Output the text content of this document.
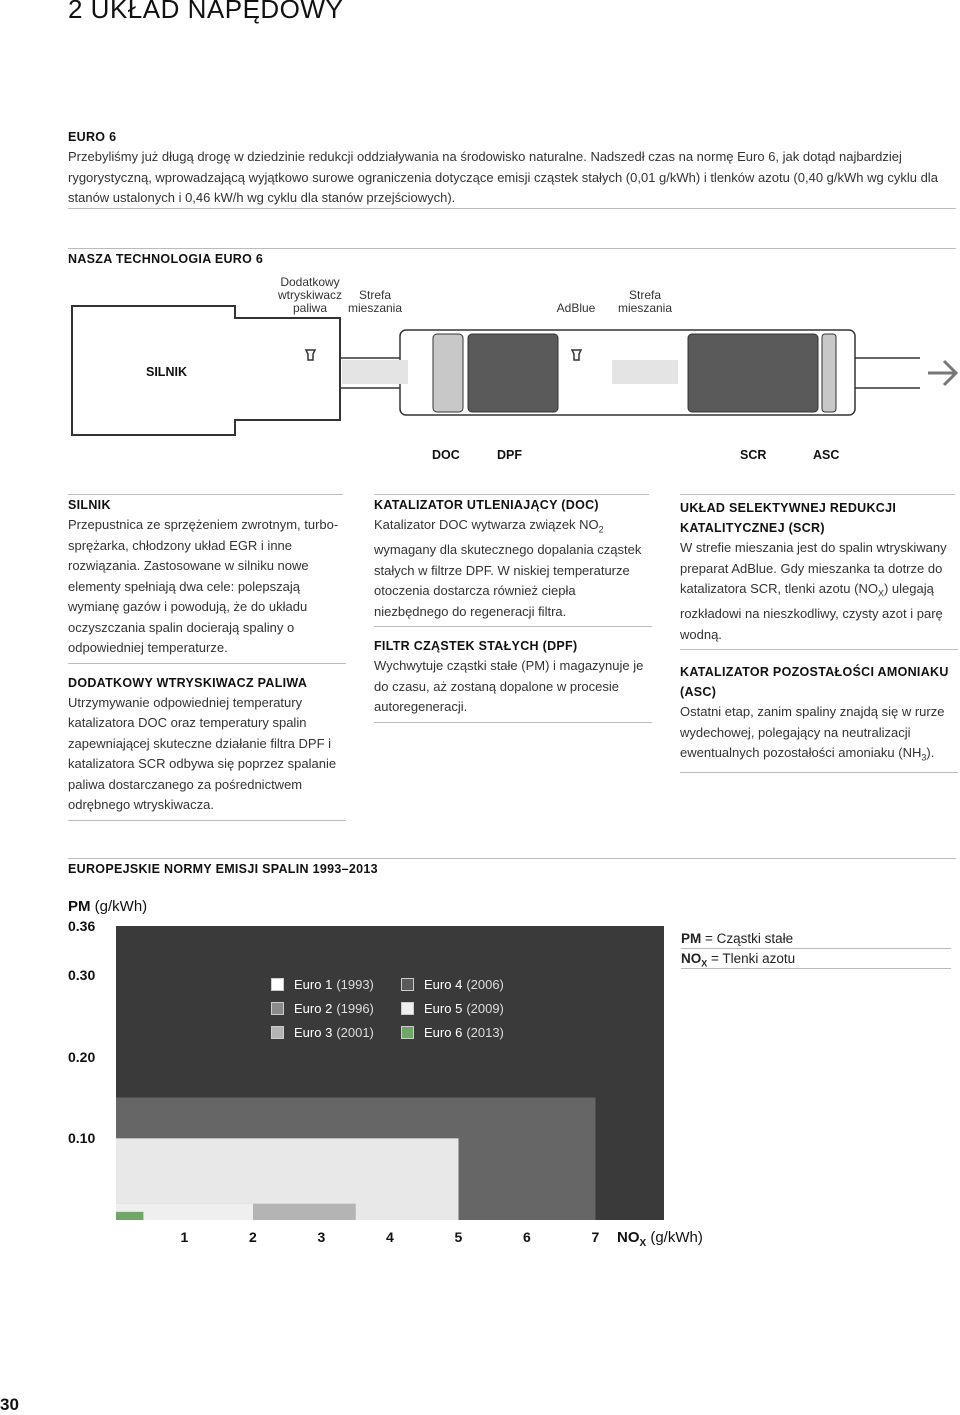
2 UKŁAD NAPĘDOWY
EURO 6
Przebyliśmy już długą drogę w dziedzinie redukcji oddziaływania na środowisko naturalne. Nadszedł czas na normę Euro 6, jak dotąd najbardziej rygorystyczną, wprowadzającą wyjątkowo surowe ograniczenia dotyczące emisji cząstek stałych (0,01 g/kWh) i tlenków azotu (0,40 g/kWh wg cyklu dla stanów ustalonych i 0,46 kW/h wg cyklu dla stanów przejściowych).
NASZA TECHNOLOGIA EURO 6
Dodatkowy
wtryskiwacz
paliwa
Strefa
mieszania	AdBlue
Strefa
mieszania
SILNIK
DOC	DPF	SCR	ASC
SILNIK

Przepustnica ze sprzężeniem zwrotnym, turbo-sprężarka, chłodzony układ EGR i inne rozwiązania. Zastosowane w silniku nowe elementy spełniają dwa cele: polepszają wymianę gazów i powodują, że do układu oczyszczania spalin docierają spaliny o odpowiedniej temperaturze.

DODATKOWY WTRYSKIWACZ PALIWA

Utrzymywanie odpowiedniej temperatury katalizatora DOC oraz temperatury spalin zapewniającej skuteczne działanie filtra DPF i katalizatora SCR odbywa się poprzez spalanie paliwa dostarczanego za pośrednictwem odrębnego wtryskiwacza.

KATALIZATOR UTLENIAJĄCY (DOC)

Katalizator DOC wytwarza związek $NO_2$ wymagany dla skutecznego dopalania cząstek stałych w filtrze DPF. W niskiej temperaturze otoczenia dostarcza również ciepła niezbędnego do regeneracji filtra.

FILTR CZĄSTEK STAŁYCH (DPF)

Wychwytuje cząstki stałe (PM) i magazynuje je do czasu, aż zostaną dopalone w procesie autoregeneracji.

UKŁAD SELEKTYWNEJ REDUKCJI KATALITYCZNEJ (SCR)

W strefie mieszania jest do spalin wtryskiwany preparat AdBlue. Gdy mieszanka ta dotrze do katalizatora SCR, tlenki azotu $(NO_X)$ ulegają rozkładowi na nieszkodliwy, czysty azot i parę wodną.

KATALIZATOR POZOSTAŁOŚCI AMONIAKU (ASC)

Ostatni etap, zanim spaliny znajdą się w rurze wydechowej, polegający na neutralizacji ewentualnych pozostałości amoniaku $(NH_3)$.

EUROPEJSKIE NORMY EMISJI SPALIN 1993–2013
PM (g/kWh)
0.36
0.30
0.20
0.10
1	2	3	4	5	6	7 $NO_X$ (g/kWh)
Euro 1 (1993)
Euro 2 (1996)
Euro 3 (2001)
Euro 4 (2006)
Euro 5 (2009)
Euro 6 (2013)
PM = Cząstki stałe
$NO_X$ = Tlenki azotu
30
